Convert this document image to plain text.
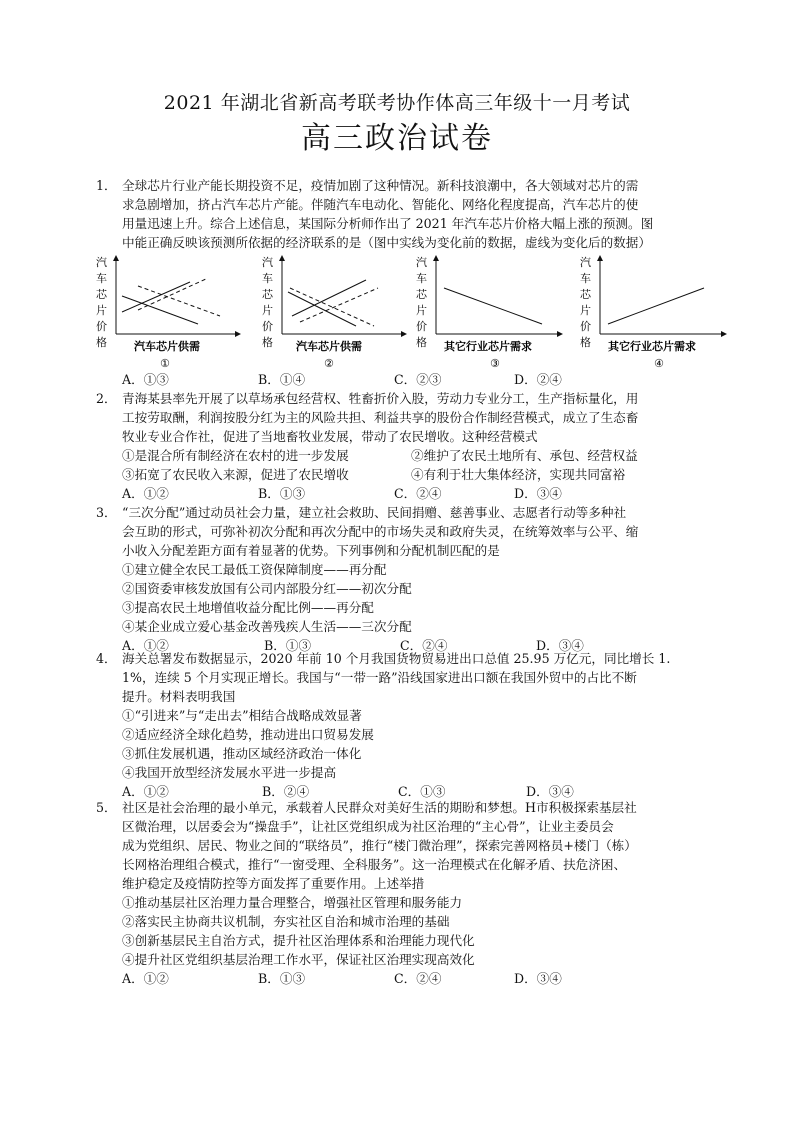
2021 年湖北省新高考联考协作体高三年级十一月考试
高三政治试卷
1． 全球芯片行业产能长期投资不足，疫情加剧了这种情况。新科技浪潮中，各大领域对芯片的需

求急剧增加，挤占汽车芯片产能。伴随汽车电动化、智能化、网络化程度提高，汽车芯片的使

用量迅速上升。综合上述信息，某国际分析师作出了 2021 年汽车芯片价格大幅上涨的预测。图

中能正确反映该预测所依据的经济联系的是（图中实线为变化前的数据，虚线为变化后的数据）

汽
车
芯
片
价
格 汽车芯片供需
①
汽
车
芯
片
价
格 汽车芯片供需
②
汽
车
芯
片
价
格 其它行业芯片需求
③
汽
车
芯
片
价
格 其它行业芯片需求
④
A．①③	B．①④	C．②③	D．②④
2． 青海某县率先开展了以草场承包经营权、牲畜折价入股，劳动力专业分工，生产指标量化，用

工按劳取酬，利润按股分红为主的风险共担、利益共享的股份合作制经营模式，成立了生态畜

牧业专业合作社，促进了当地畜牧业发展，带动了农民增收。这种经营模式

①是混合所有制经济在农村的进一步发展	②维护了农民土地所有、承包、经营权益
③拓宽了农民收入来源，促进了农民增收	④有利于壮大集体经济，实现共同富裕
A．①②	B．①③	C．②④	D．③④
3． “三次分配”通过动员社会力量，建立社会救助、民间捐赠、慈善事业、志愿者行动等多种社

会互助的形式，可弥补初次分配和再次分配中的市场失灵和政府失灵，在统筹效率与公平、缩

小收入分配差距方面有着显著的优势。下列事例和分配机制匹配的是

①建立健全农民工最低工资保障制度——再分配

②国资委审核发放国有公司内部股分红——初次分配

③提高农民土地增值收益分配比例——再分配

④某企业成立爱心基金改善残疾人生活——三次分配

A．①②	B．①③	C．②④	D．③④
4． 海关总署发布数据显示，2020 年前 10 个月我国货物贸易进出口总值 25.95 万亿元，同比增长 1.

1%，连续 5 个月实现正增长。我国与“一带一路”沿线国家进出口额在我国外贸中的占比不断

提升。材料表明我国

①“引进来”与“走出去”相结合战略成效显著

②适应经济全球化趋势，推动进出口贸易发展

③抓住发展机遇，推动区域经济政治一体化

④我国开放型经济发展水平进一步提高

A．①②	B．②④	C．①③	D．③④
5． 社区是社会治理的最小单元，承载着人民群众对美好生活的期盼和梦想。H市积极探索基层社

区微治理，以居委会为“操盘手”，让社区党组织成为社区治理的“主心骨”，让业主委员会

成为党组织、居民、物业之间的“联络员”，推行“楼门微治理”，探索完善网格员+楼门（栋）

长网格治理组合模式，推行“一窗受理、全科服务”。这一治理模式在化解矛盾、扶危济困、

维护稳定及疫情防控等方面发挥了重要作用。上述举措

①推动基层社区治理力量合理整合，增强社区管理和服务能力

②落实民主协商共议机制，夯实社区自治和城市治理的基础

③创新基层民主自治方式，提升社区治理体系和治理能力现代化

④提升社区党组织基层治理工作水平，保证社区治理实现高效化

A．①②	B．①③	C．②④	D．③④
